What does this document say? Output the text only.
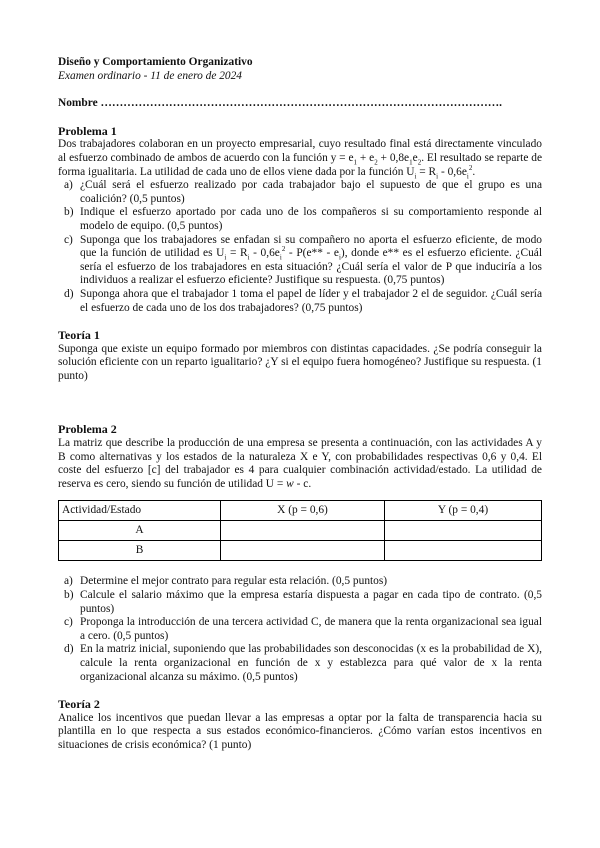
Diseño y Comportamiento Organizativo

Examen ordinario - 11 de enero de 2024

Nombre …………………………………………………………………………………………….

Problema 1

Dos trabajadores colaboran en un proyecto empresarial, cuyo resultado final está directamente vinculado al esfuerzo combinado de ambos de acuerdo con la función $y = e_1 + e_2 + 0,8e_1e_2$. El resultado se reparte de forma igualitaria. La utilidad de cada uno de ellos viene dada por la función $U_i = R_i - 0,6e_i^2$.

a) ¿Cuál será el esfuerzo realizado por cada trabajador bajo el supuesto de que el grupo es una coalición? (0,5 puntos)
b) Indique el esfuerzo aportado por cada uno de los compañeros si su comportamiento responde al modelo de equipo. (0,5 puntos)
c) Suponga que los trabajadores se enfadan si su compañero no aporta el esfuerzo eficiente, de modo que la función de utilidad es $U_i = R_i - 0,6e_i^2 - P(e** - e_i)$, donde e** es el esfuerzo eficiente. ¿Cuál sería el esfuerzo de los trabajadores en esta situación? ¿Cuál sería el valor de P que induciría a los individuos a realizar el esfuerzo eficiente? Justifique su respuesta. (0,75 puntos)
d) Suponga ahora que el trabajador 1 toma el papel de líder y el trabajador 2 el de seguidor. ¿Cuál sería el esfuerzo de cada uno de los dos trabajadores? (0,75 puntos)

Teoría 1

Suponga que existe un equipo formado por miembros con distintas capacidades. ¿Se podría conseguir la solución eficiente con un reparto igualitario? ¿Y si el equipo fuera homogéneo? Justifique su respuesta. (1 punto)

Problema 2

La matriz que describe la producción de una empresa se presenta a continuación, con las actividades A y B como alternativas y los estados de la naturaleza X e Y, con probabilidades respectivas 0,6 y 0,4. El coste del esfuerzo [c] del trabajador es 4 para cualquier combinación actividad/estado. La utilidad de reserva es cero, siendo su función de utilidad U = w - c.

Actividad/Estado	X (p = 0,6)	Y (p = 0,4)
A		
B		
a) Determine el mejor contrato para regular esta relación. (0,5 puntos)
b) Calcule el salario máximo que la empresa estaría dispuesta a pagar en cada tipo de contrato. (0,5 puntos)
c) Proponga la introducción de una tercera actividad C, de manera que la renta organizacional sea igual a cero. (0,5 puntos)
d) En la matriz inicial, suponiendo que las probabilidades son desconocidas (x es la probabilidad de X), calcule la renta organizacional en función de x y establezca para qué valor de x la renta organizacional alcanza su máximo. (0,5 puntos)

Teoría 2

Analice los incentivos que puedan llevar a las empresas a optar por la falta de transparencia hacia su plantilla en lo que respecta a sus estados económico-financieros. ¿Cómo varían estos incentivos en situaciones de crisis económica? (1 punto)
